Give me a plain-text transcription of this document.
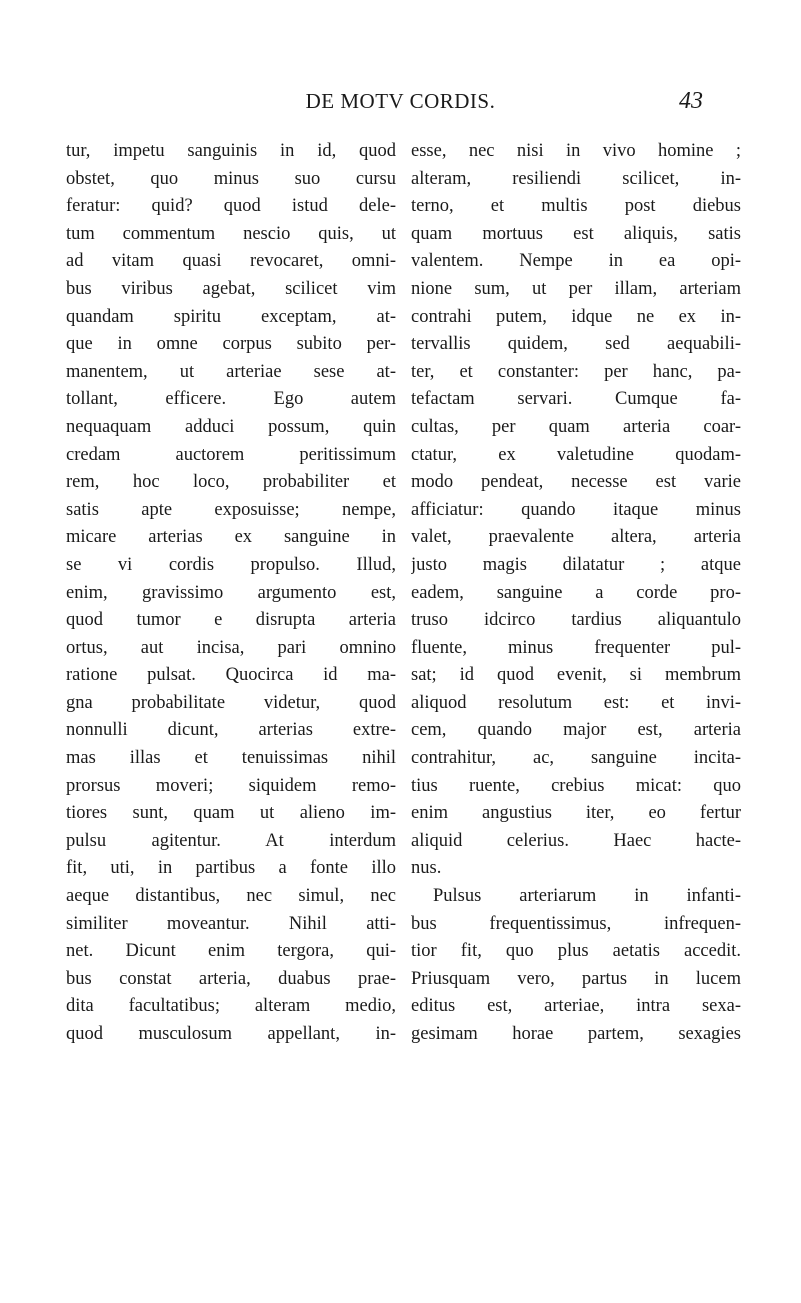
DE MOTV CORDIS.	43
tur, impetu sanguinis in id, quod
obstet, quo minus suo cursu
feratur: quid? quod istud dele-
tum commentum nescio quis, ut
ad vitam quasi revocaret, omni-
bus viribus agebat, scilicet vim
quandam spiritu exceptam, at-
que in omne corpus subito per-
manentem, ut arteriae sese at-
tollant, efficere. Ego autem
nequaquam adduci possum, quin
credam auctorem peritissimum
rem, hoc loco, probabiliter et
satis apte exposuisse; nempe,
micare arterias ex sanguine in
se vi cordis propulso. Illud,
enim, gravissimo argumento est,
quod tumor e disrupta arteria
ortus, aut incisa, pari omnino
ratione pulsat. Quocirca id ma-
gna probabilitate videtur, quod
nonnulli dicunt, arterias extre-
mas illas et tenuissimas nihil
prorsus moveri; siquidem remo-
tiores sunt, quam ut alieno im-
pulsu agitentur. At interdum
fit, uti, in partibus a fonte illo
aeque distantibus, nec simul, nec
similiter moveantur. Nihil atti-
net. Dicunt enim tergora, qui-
bus constat arteria, duabus prae-
dita facultatibus; alteram medio,
quod musculosum appellant, in-
esse, nec nisi in vivo homine ;
alteram, resiliendi scilicet, in-
terno, et multis post diebus
quam mortuus est aliquis, satis
valentem. Nempe in ea opi-
nione sum, ut per illam, arteriam
contrahi putem, idque ne ex in-
tervallis quidem, sed aequabili-
ter, et constanter: per hanc, pa-
tefactam servari. Cumque fa-
cultas, per quam arteria coar-
ctatur, ex valetudine quodam-
modo pendeat, necesse est varie
afficiatur: quando itaque minus
valet, praevalente altera, arteria
justo magis dilatatur ; atque
eadem, sanguine a corde pro-
truso idcirco tardius aliquantulo
fluente, minus frequenter pul-
sat; id quod evenit, si membrum
aliquod resolutum est: et invi-
cem, quando major est, arteria
contrahitur, ac, sanguine incita-
tius ruente, crebius micat: quo
enim angustius iter, eo fertur
aliquid celerius. Haec hacte-
nus.
Pulsus arteriarum in infanti-
bus frequentissimus, infrequen-
tior fit, quo plus aetatis accedit.
Priusquam vero, partus in lucem
editus est, arteriae, intra sexa-
gesimam horae partem, sexagies
